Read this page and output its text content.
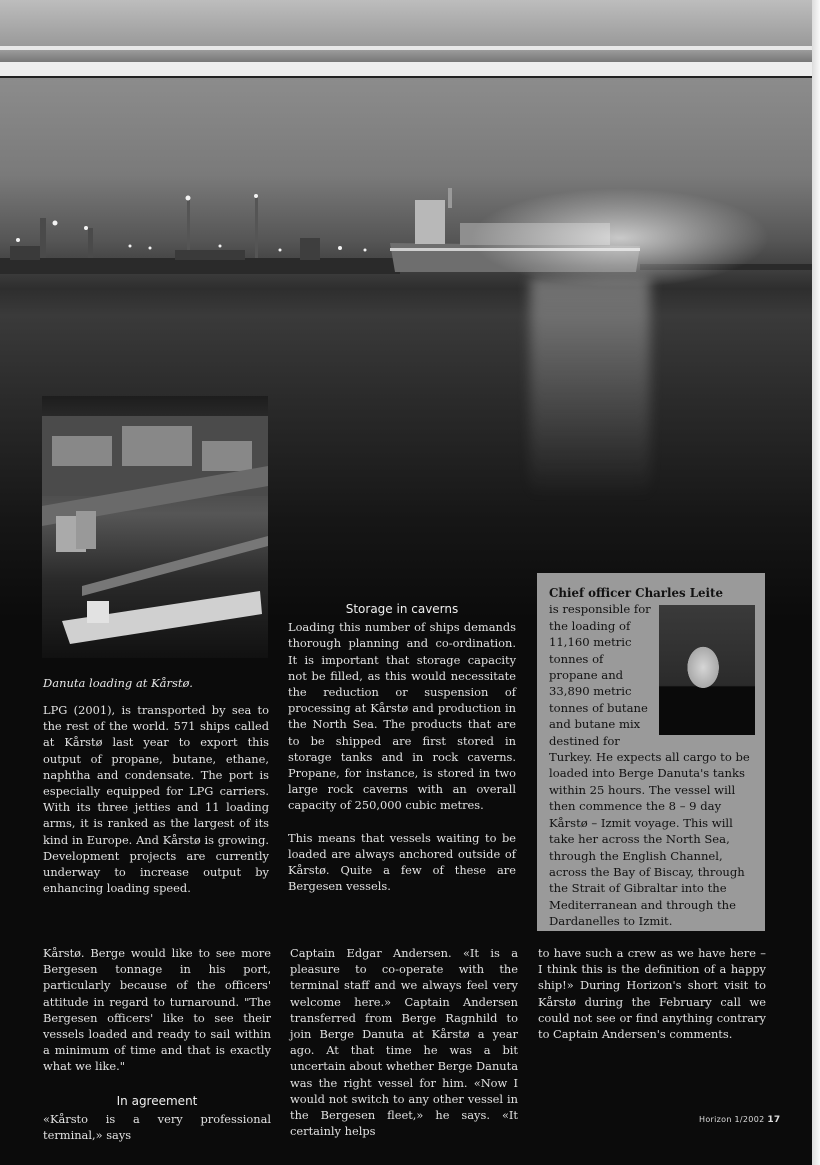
Danuta loading at Kårstø.

LPG (2001), is transported by sea to the rest of the world. 571 ships called at Kårstø last year to export this output of propane, butane, ethane, naphtha and condensate. The port is especially equipped for LPG carriers. With its three jetties and 11 loading arms, it is ranked as the largest of its kind in Europe. And Kårstø is growing. Development projects are currently underway to increase output by enhancing loading speed.

Storage in caverns

Loading this number of ships demands thorough planning and co-ordination. It is important that storage capacity not be filled, as this would necessitate the reduction or suspension of processing at Kårstø and production in the North Sea. The products that are to be shipped are first stored in storage tanks and in rock caverns. Propane, for instance, is stored in two large rock caverns with an overall capacity of 250,000 cubic metres.

This means that vessels waiting to be loaded are always anchored outside of Kårstø. Quite a few of these are Bergesen vessels.

Chief officer Charles Leite
is responsible for the loading of 11,160 metric tonnes of propane and 33,890 metric tonnes of butane and butane mix destined for Turkey. He expects all cargo to be loaded into Berge Danuta's tanks within 25 hours. The vessel will then commence the 8 – 9 day Kårstø – Izmit voyage. This will take her across the North Sea, through the English Channel, across the Bay of Biscay, through the Strait of Gibraltar into the Mediterranean and through the Dardanelles to Izmit.

Kårstø. Berge would like to see more Bergesen tonnage in his port, particularly because of the officers' attitude in regard to turnaround. "The Bergesen officers' like to see their vessels loaded and ready to sail within a minimum of time and that is exactly what we like."

In agreement

«Kårsto is a very professional terminal,» says

Captain Edgar Andersen. «It is a pleasure to co-operate with the terminal staff and we always feel very welcome here.» Captain Andersen transferred from Berge Ragnhild to join Berge Danuta at Kårstø a year ago. At that time he was a bit uncertain about whether Berge Danuta was the right vessel for him. «Now I would not switch to any other vessel in the Bergesen fleet,» he says. «It certainly helps

to have such a crew as we have here – I think this is the definition of a happy ship!» During Horizon's short visit to Kårstø during the February call we could not see or find anything contrary to Captain Andersen's comments.

Horizon 1/2002 17
